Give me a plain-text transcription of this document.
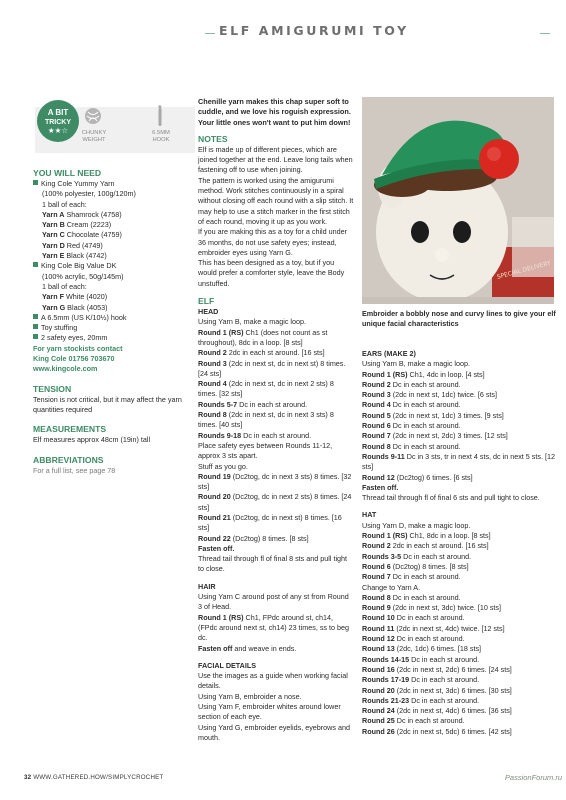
ELF AMIGURUMI TOY
A BIT
TRICKY
★★☆	CHUNKY
WEIGHT
6.5MM
HOOK

YOU WILL NEED

King Cole Yummy Yarn

(100% polyester, 100g/120m)

1 ball of each:

Yarn A Shamrock (4758)

Yarn B Cream (2223)

Yarn C Chocolate (4759)

Yarn D Red (4749)

Yarn E Black (4742)

King Cole Big Value DK

(100% acrylic, 50g/145m)

1 ball of each:

Yarn F White (4020)

Yarn G Black (4053)

A 6.5mm (US K/10½) hook

Toy stuffing

2 safety eyes, 20mm

For yarn stockists contact

King Cole 01756 703670

www.kingcole.com

TENSION

Tension is not critical, but it may affect the yarn quantities required

MEASUREMENTS

Elf measures approx 48cm (19in) tall

ABBREVIATIONS

For a full list, see page 78

Chenille yarn makes this chap super soft to cuddle, and we love his roguish expression. Your little ones won't want to put him down!

NOTES

Elf is made up of different pieces, which are joined together at the end. Leave long tails when fastening off to use when joining.
The pattern is worked using the amigurumi method. Work stitches continuously in a spiral without closing off each round with a slip stitch. It may help to use a stitch marker in the first stitch of each round, moving it up as you work.
If you are making this as a toy for a child under 36 months, do not use safety eyes; instead, embroider eyes using Yarn G.
This has been designed as a toy, but if you would prefer a comforter style, leave the Body unstuffed.

ELF

HEAD

Using Yarn B, make a magic loop.

Round 1 (RS) Ch1 (does not count as st throughout), 8dc in a loop. [8 sts]

Round 2 2dc in each st around. [16 sts]

Round 3 (2dc in next st, dc in next st) 8 times. [24 sts]

Round 4 (2dc in next st, dc in next 2 sts) 8 times. [32 sts]

Rounds 5-7 Dc in each st around.

Round 8 (2dc in next st, dc in next 3 sts) 8 times. [40 sts]

Rounds 9-18 Dc in each st around.

Place safety eyes between Rounds 11-12, approx 3 sts apart.
Stuff as you go.

Round 19 (Dc2tog, dc in next 3 sts) 8 times. [32 sts]

Round 20 (Dc2tog, dc in next 2 sts) 8 times. [24 sts]

Round 21 (Dc2tog, dc in next st) 8 times. [16 sts]

Round 22 (Dc2tog) 8 times. [8 sts]

Fasten off.

Thread tail through fl of final 8 sts and pull tight to close.

HAIR

Using Yarn C around post of any st from Round 3 of Head.

Round 1 (RS) Ch1, FPdc around st, ch14, (FPdc around next st, ch14) 23 times, ss to beg dc.

Fasten off and weave in ends.

FACIAL DETAILS

Use the images as a guide when working facial details.
Using Yarn B, embroider a nose.
Using Yarn F, embroider whites around lower section of each eye.
Using Yard G, embroider eyelids, eyebrows and mouth.

SPECIAL
Embroider a bobbly nose and curvy lines to give your elf unique facial characteristics

EARS (MAKE 2)

Using Yarn B, make a magic loop.

Round 1 (RS) Ch1, 4dc in loop. [4 sts]

Round 2 Dc in each st around.

Round 3 (2dc in next st, 1dc) twice. [6 sts]

Round 4 Dc in each st around.

Round 5 (2dc in next st, 1dc) 3 times. [9 sts]

Round 6 Dc in each st around.

Round 7 (2dc in next st, 2dc) 3 times. [12 sts]

Round 8 Dc in each st around.

Rounds 9-11 Dc in 3 sts, tr in next 4 sts, dc in next 5 sts. [12 sts]

Round 12 (Dc2tog) 6 times. [6 sts]

Fasten off.

Thread tail through fl of final 6 sts and pull tight to close.

HAT

Using Yarn D, make a magic loop.

Round 1 (RS) Ch1, 8dc in a loop. [8 sts]

Round 2 2dc in each st around. [16 sts]

Rounds 3-5 Dc in each st around.

Round 6 (Dc2tog) 8 times. [8 sts]

Round 7 Dc in each st around.

Change to Yarn A.

Round 8 Dc in each st around.

Round 9 (2dc in next st, 3dc) twice. [10 sts]

Round 10 Dc in each st around.

Round 11 (2dc in next st, 4dc) twice. [12 sts]

Round 12 Dc in each st around.

Round 13 (2dc, 1dc) 6 times. [18 sts]

Rounds 14-15 Dc in each st around.

Round 16 (2dc in next st, 2dc) 6 times. [24 sts]

Rounds 17-19 Dc in each st around.

Round 20 (2dc in next st, 3dc) 6 times. [30 sts]

Rounds 21-23 Dc in each st around.

Round 24 (2dc in next st, 4dc) 6 times. [36 sts]

Round 25 Dc in each st around.

Round 26 (2dc in next st, 5dc) 6 times. [42 sts]

32 WWW.GATHERED.HOW/SIMPLYCROCHET	PassionForum.ru
